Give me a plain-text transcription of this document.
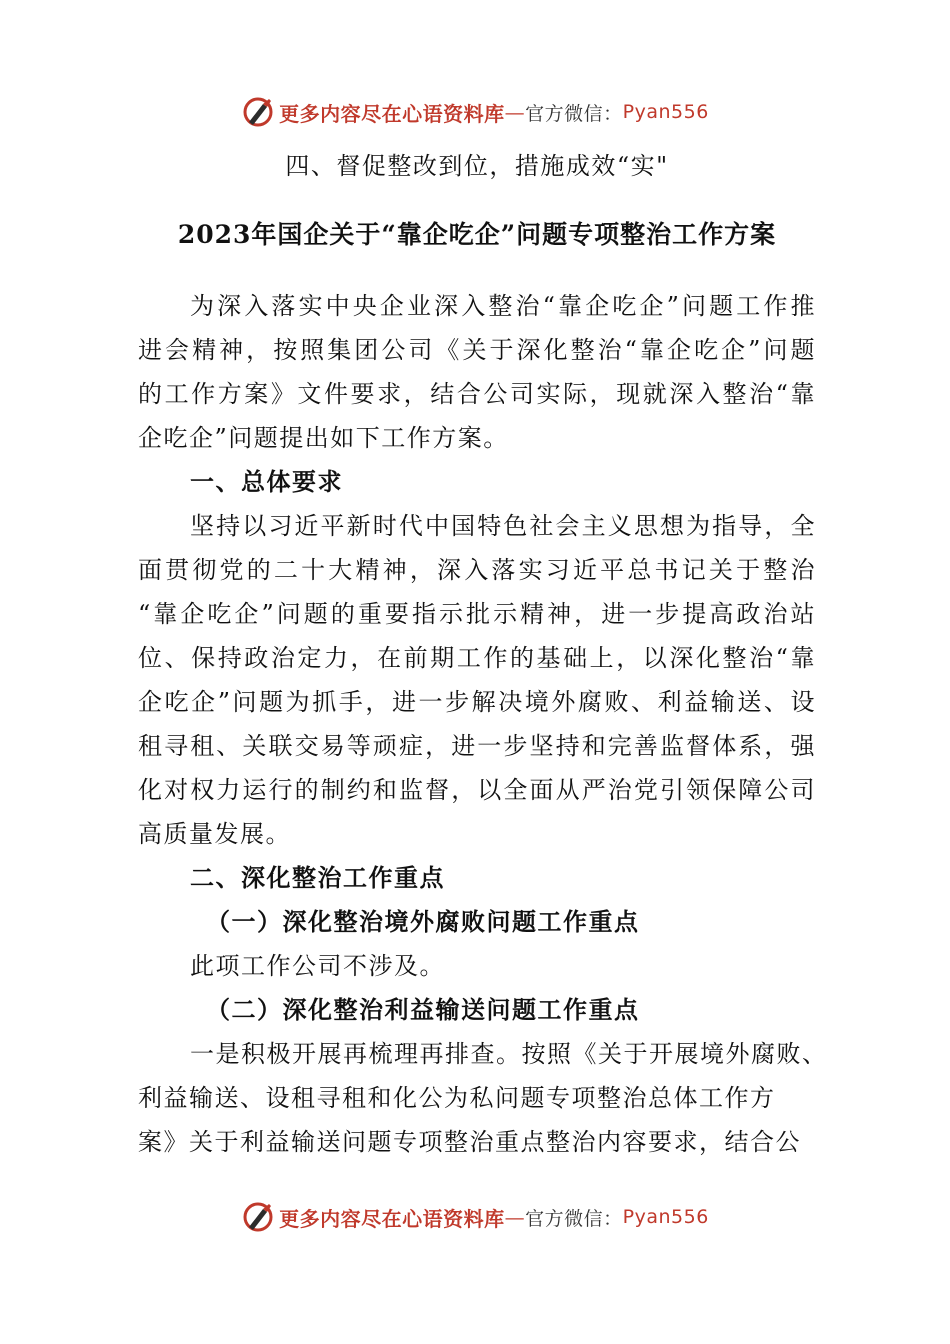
更多内容尽在心语资料库 — 官方微信： Pyan556
四、督促整改到位，措施成效“实"
2023年国企关于“靠企吃企”问题专项整治工作方案
为深入落实中央企业深入整治“靠企吃企”问题工作推
进会精神，按照集团公司《关于深化整治“靠企吃企”问题
的工作方案》文件要求，结合公司实际，现就深入整治“靠
企吃企”问题提出如下工作方案。
一、总体要求
坚持以习近平新时代中国特色社会主义思想为指导，全
面贯彻党的二十大精神，深入落实习近平总书记关于整治
“靠企吃企”问题的重要指示批示精神，进一步提高政治站
位、保持政治定力，在前期工作的基础上，以深化整治“靠
企吃企”问题为抓手，进一步解决境外腐败、利益输送、设
租寻租、关联交易等顽症，进一步坚持和完善监督体系，强
化对权力运行的制约和监督，以全面从严治党引领保障公司
高质量发展。
二、深化整治工作重点
（一）深化整治境外腐败问题工作重点
此项工作公司不涉及。
（二）深化整治利益输送问题工作重点
一是积极开展再梳理再排查。按照《关于开展境外腐败、
利益输送、设租寻租和化公为私问题专项整治总体工作方
案》关于利益输送问题专项整治重点整治内容要求，结合公
更多内容尽在心语资料库 — 官方微信： Pyan556
